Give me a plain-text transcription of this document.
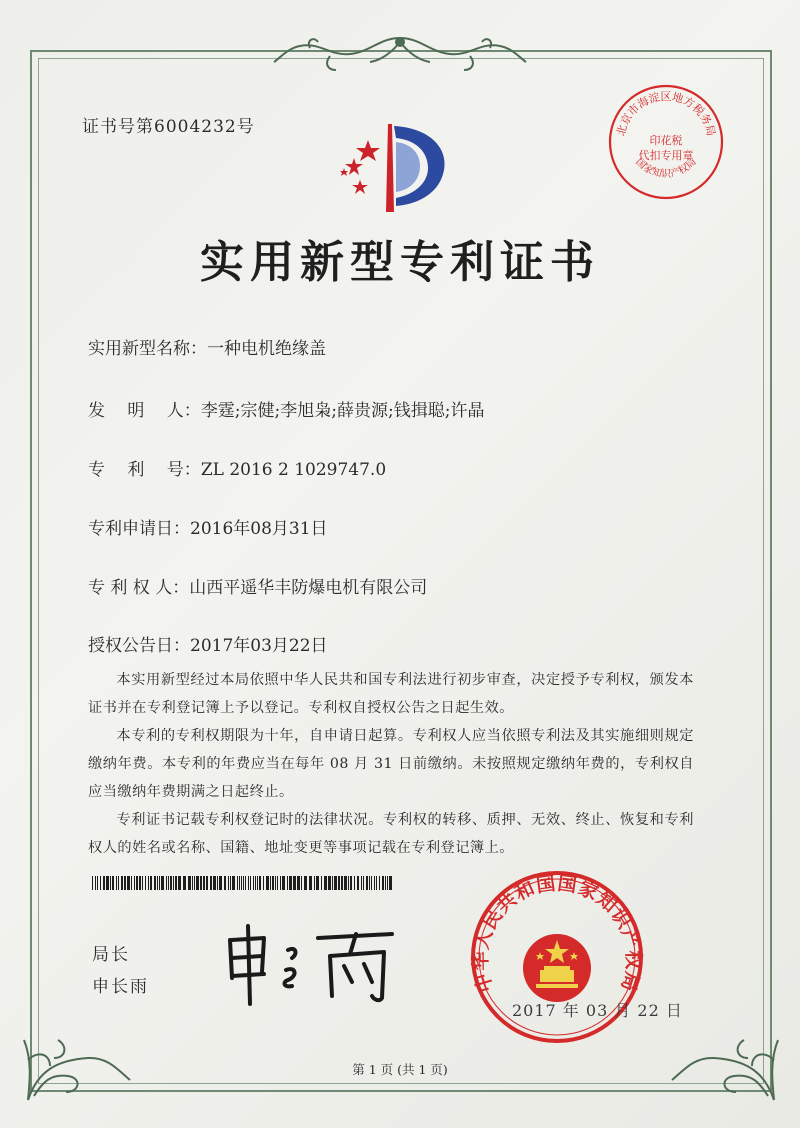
证书号第6004232号	北京市海淀区地方税务局
印花税
代扣专用章
国家知识产权局
实用新型专利证书
实用新型名称：一种电机绝缘盖
发　 明　 人：李霆;宗健;李旭枭;薛贵源;钱揖聪;许晶
专　 利　 号：ZL 2016 2 1029747.0
专利申请日：2016年08月31日
专 利 权 人：山西平遥华丰防爆电机有限公司
授权公告日：2017年03月22日

本实用新型经过本局依照中华人民共和国专利法进行初步审查，决定授予专利权，颁发本证书并在专利登记簿上予以登记。专利权自授权公告之日起生效。

本专利的专利权期限为十年，自申请日起算。专利权人应当依照专利法及其实施细则规定缴纳年费。本专利的年费应当在每年 08 月 31 日前缴纳。未按照规定缴纳年费的，专利权自应当缴纳年费期满之日起终止。

专利证书记载专利权登记时的法律状况。专利权的转移、质押、无效、终止、恢复和专利权人的姓名或名称、国籍、地址变更等事项记载在专利登记簿上。

局长
申长雨	中华人民共和国国家知识产权局
2017 年 03 月 22 日
第 1 页 (共 1 页)
